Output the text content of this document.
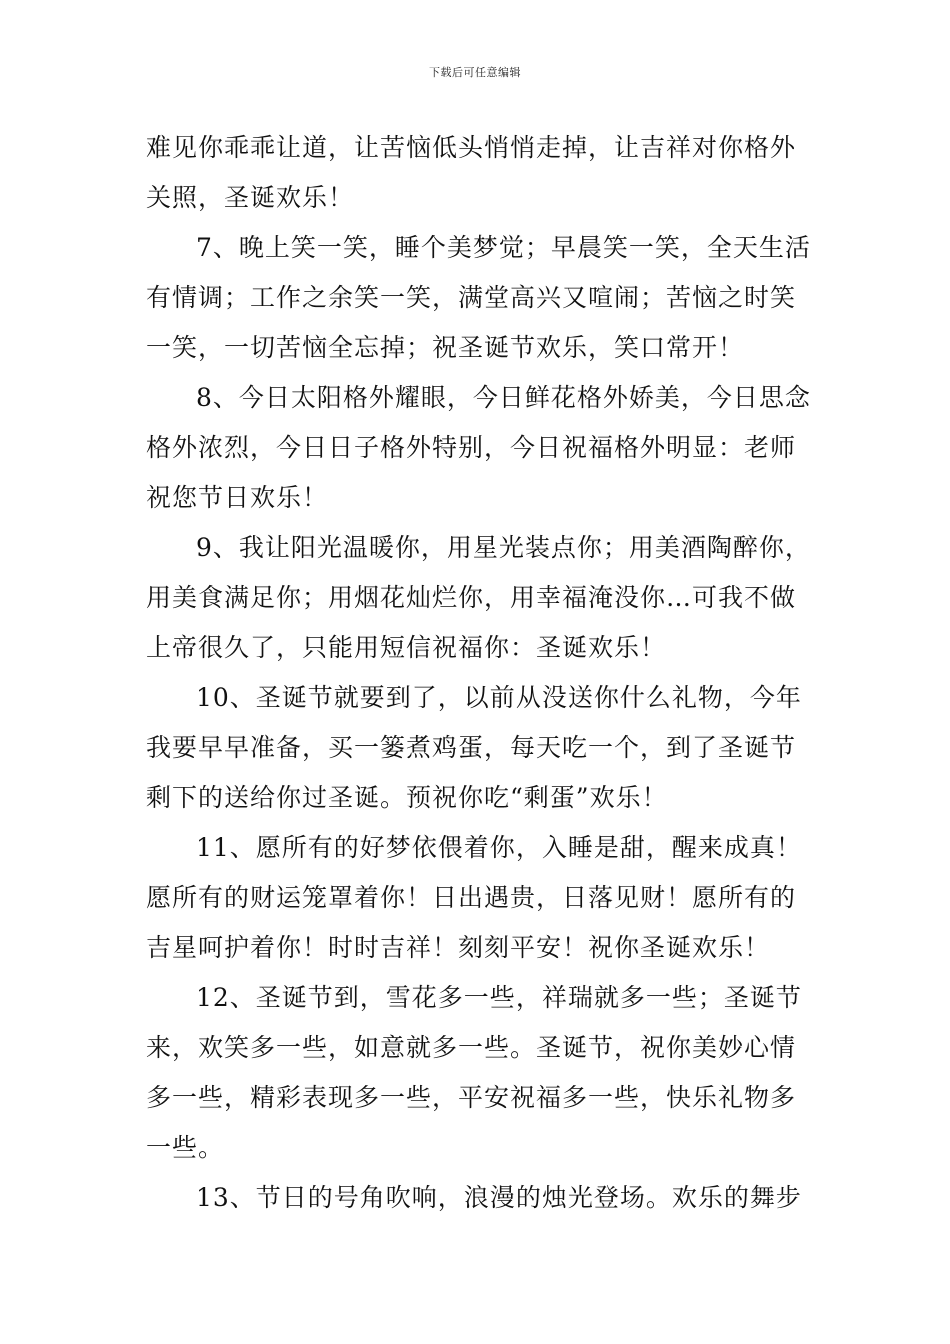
下载后可任意编辑
难见你乖乖让道，让苦恼低头悄悄走掉，让吉祥对你格外
关照，圣诞欢乐！
7、晚上笑一笑，睡个美梦觉；早晨笑一笑，全天生活
有情调；工作之余笑一笑，满堂高兴又喧闹；苦恼之时笑
一笑，一切苦恼全忘掉；祝圣诞节欢乐，笑口常开！
8、今日太阳格外耀眼，今日鲜花格外娇美，今日思念
格外浓烈，今日日子格外特别，今日祝福格外明显：老师
祝您节日欢乐！
9、我让阳光温暖你，用星光装点你；用美酒陶醉你，
用美食满足你；用烟花灿烂你，用幸福淹没你…可我不做
上帝很久了，只能用短信祝福你：圣诞欢乐！
10、圣诞节就要到了，以前从没送你什么礼物，今年
我要早早准备，买一篓煮鸡蛋，每天吃一个，到了圣诞节
剩下的送给你过圣诞。预祝你吃“剩蛋”欢乐！
11、愿所有的好梦依偎着你，入睡是甜，醒来成真！
愿所有的财运笼罩着你！日出遇贵，日落见财！愿所有的
吉星呵护着你！时时吉祥！刻刻平安！祝你圣诞欢乐！
12、圣诞节到，雪花多一些，祥瑞就多一些；圣诞节
来，欢笑多一些，如意就多一些。圣诞节，祝你美妙心情
多一些，精彩表现多一些，平安祝福多一些，快乐礼物多
一些。
13、节日的号角吹响，浪漫的烛光登场。欢乐的舞步
